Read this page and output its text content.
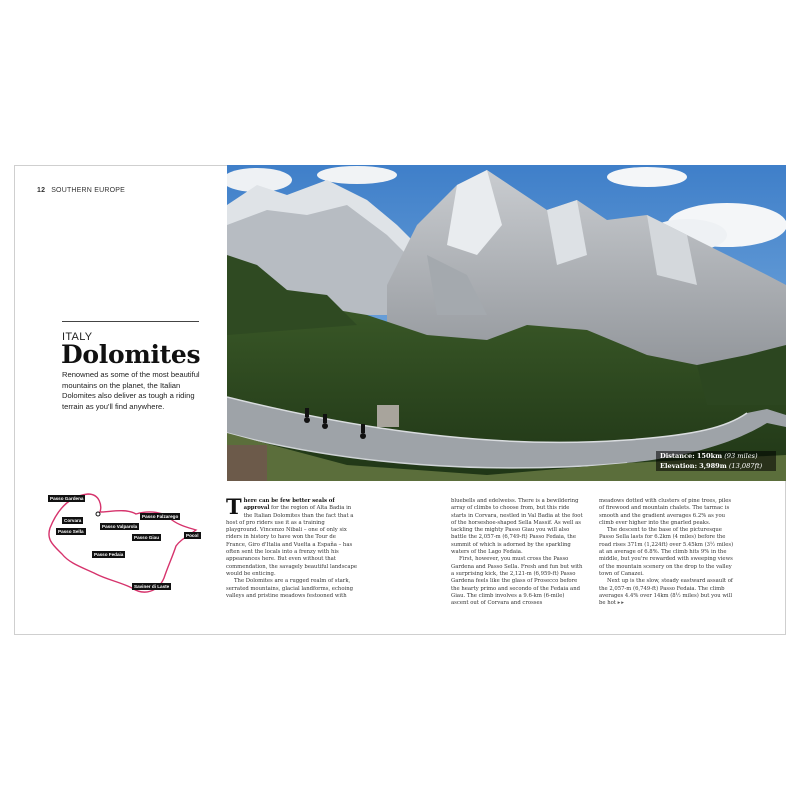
12 SOUTHERN EUROPE
ITALY
Dolomites
Renowned as some of the most beautiful mountains on the planet, the Italian Dolomites also deliver as tough a riding terrain as you'll find anywhere.
Distance: 150km (93 miles)
Elevation: 3,989m (13,087ft)
Passo Gardena
Corvara
Passo Sella
Passo Valparola
Passo Falzarego
Passo Giau	Pocol
Passo Fedaia
Saviner di Laste

There can be few better seals of approval for the region of Alta Badia in the Italian Dolomites than the fact that a host of pro riders use it as a training playground. Vincenzo Nibali – one of only six riders in history to have won the Tour de France, Giro d'Italia and Vuelta a España – has often sent the locals into a frenzy with his appearances here. But even without that commendation, the savagely beautiful landscape would be enticing.

The Dolomites are a rugged realm of stark, serrated mountains, glacial landforms, echoing valleys and pristine meadows festooned with

bluebells and edelweiss. There is a bewildering array of climbs to choose from, but this ride starts in Corvara, nestled in Val Badia at the foot of the horseshoe-shaped Sella Massif. As well as tackling the mighty Passo Giau you will also battle the 2,057-m (6,749-ft) Passo Fedaia, the summit of which is adorned by the sparkling waters of the Lago Fedaia.

First, however, you must cross the Passo Gardena and Passo Sella. Fresh and fun but with a surprising kick, the 2,121-m (6,959-ft) Passo Gardena feels like the glass of Prosecco before the hearty primo and secondo of the Fedaia and Giau. The climb involves a 9.6-km (6-mile) ascent out of Corvara and crosses

meadows dotted with clusters of pine trees, piles of firewood and mountain chalets. The tarmac is smooth and the gradient averages 6.2% as you climb ever higher into the gnarled peaks.

The descent to the base of the picturesque Passo Sella lasts for 6.2km (4 miles) before the road rises 371m (1,224ft) over 5.45km (3½ miles) at an average of 6.8%. The climb hits 9% in the middle, but you're rewarded with sweeping views of the mountain scenery on the drop to the valley town of Canazei.

Next up is the slow, steady eastward assault of the 2,057-m (6,749-ft) Passo Fedaia. The climb averages 4.4% over 14km (8½ miles) but you will be hot ▸▸
